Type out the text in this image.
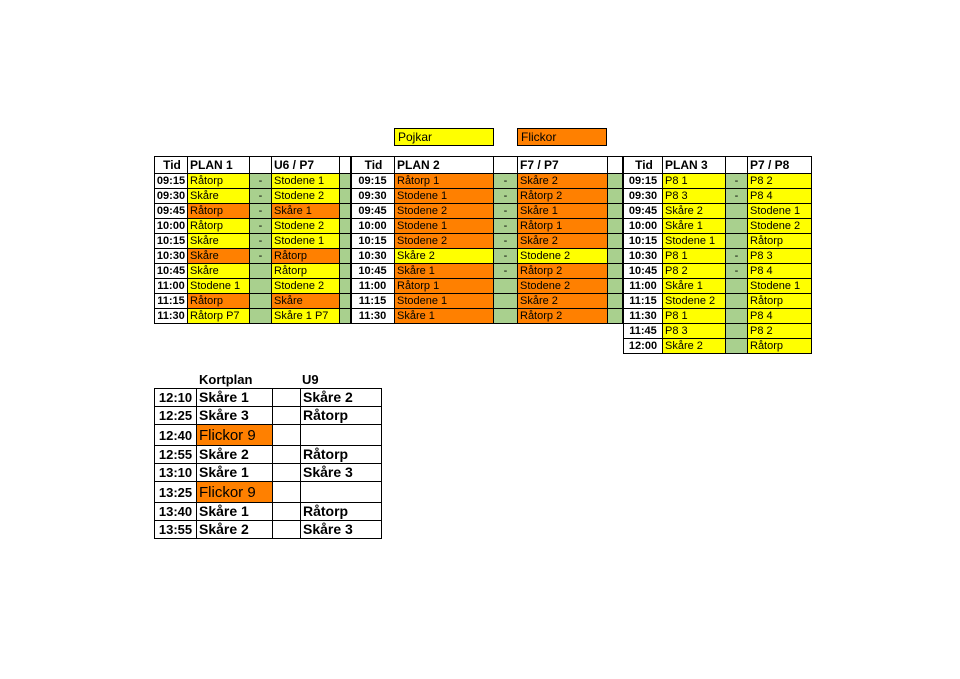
Pojkar	Flickor
Tid	PLAN 1		U6 / P7	
09:15	Råtorp	-	Stodene 1	
09:30	Skåre	-	Stodene 2	
09:45	Råtorp	-	Skåre 1	
10:00	Råtorp	-	Stodene 2	
10:15	Skåre	-	Stodene 1	
10:30	Skåre	-	Råtorp	
10:45	Skåre		Råtorp	
11:00	Stodene 1		Stodene 2	
11:15	Råtorp		Skåre	
11:30	Råtorp P7		Skåre 1 P7	
Tid	PLAN 2		F7 / P7	
09:15	Råtorp 1	-	Skåre 2	
09:30	Stodene 1	-	Råtorp 2	
09:45	Stodene 2	-	Skåre 1	
10:00	Stodene 1	-	Råtorp 1	
10:15	Stodene 2	-	Skåre 2	
10:30	Skåre 2	-	Stodene 2	
10:45	Skåre 1	-	Råtorp 2	
11:00	Råtorp 1		Stodene 2	
11:15	Stodene 1		Skåre 2	
11:30	Skåre 1		Råtorp 2	
Tid	PLAN 3		P7 / P8
09:15	P8 1	-	P8 2
09:30	P8 3	-	P8 4
09:45	Skåre 2		Stodene 1
10:00	Skåre 1		Stodene 2
10:15	Stodene 1		Råtorp
10:30	P8 1	-	P8 3
10:45	P8 2	-	P8 4
11:00	Skåre 1		Stodene 1
11:15	Stodene 2		Råtorp
11:30	P8 1		P8 4
11:45	P8 3		P8 2
12:00	Skåre 2		Råtorp
Kortplan	U9
12:10	Skåre 1		Skåre 2
12:25	Skåre 3		Råtorp
12:40	Flickor 9		
12:55	Skåre 2		Råtorp
13:10	Skåre 1		Skåre 3
13:25	Flickor 9		
13:40	Skåre 1		Råtorp
13:55	Skåre 2		Skåre 3
